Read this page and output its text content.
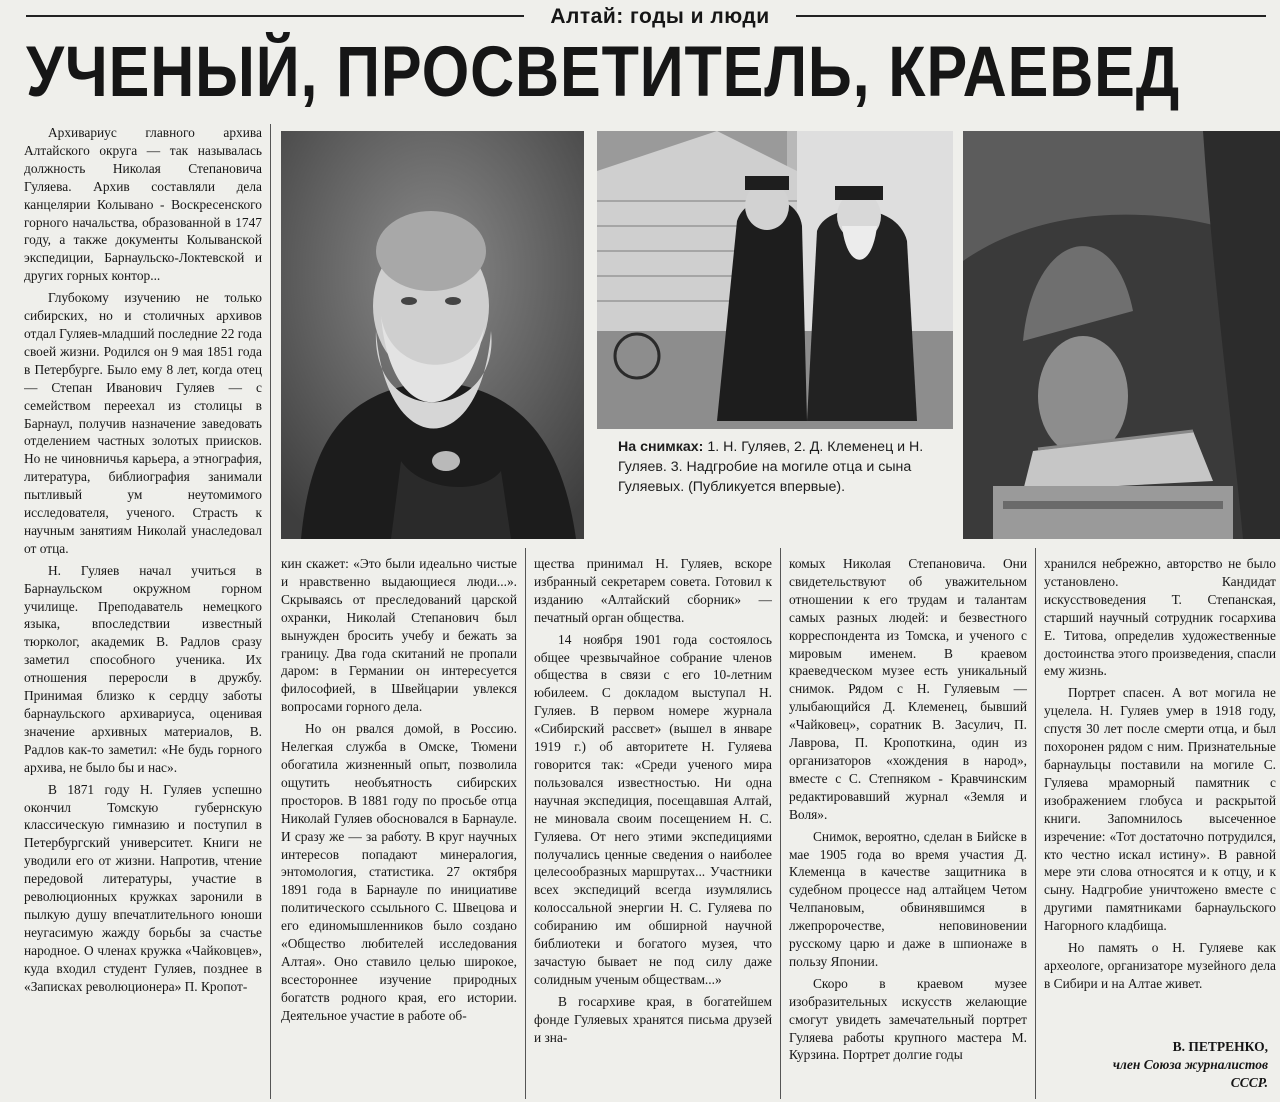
Алтай: годы и люди
УЧЕНЫЙ, ПРОСВЕТИТЕЛЬ, КРАЕВЕД

Архивариус главного архива Алтайского округа — так называлась должность Николая Степановича Гуляева. Архив составляли дела канцелярии Колывано - Воскресенского горного начальства, образованной в 1747 году, а также документы Колыванской экспедиции, Барнаульско-Локтевской и других горных контор...

Глубокому изучению не только сибирских, но и столичных архивов отдал Гуляев-младший последние 22 года своей жизни. Родился он 9 мая 1851 года в Петербурге. Было ему 8 лет, когда отец — Степан Иванович Гуляев — с семейством переехал из столицы в Барнаул, получив назначение заведовать отделением частных золотых приисков. Но не чиновничья карьера, а этнография, литература, библиография занимали пытливый ум неутомимого исследователя, ученого. Страсть к научным занятиям Николай унаследовал от отца.

Н. Гуляев начал учиться в Барнаульском окружном горном училище. Преподаватель немецкого языка, впоследствии известный тюрколог, академик В. Радлов сразу заметил способного ученика. Их отношения переросли в дружбу. Принимая близко к сердцу заботы барнаульского архивариуса, оценивая значение архивных материалов, В. Радлов как-то заметил: «Не будь горного архива, не было бы и нас».

В 1871 году Н. Гуляев успешно окончил Томскую губернскую классическую гимназию и поступил в Петербургский университет. Книги не уводили его от жизни. Напротив, чтение передовой литературы, участие в революционных кружках заронили в пылкую душу впечатлительного юноши неугасимую жажду борьбы за счастье народное. О членах кружка «Чайковцев», куда входил студент Гуляев, позднее в «Записках революционера» П. Кропот-

На снимках: 1. Н. Гуляев, 2. Д. Клеменец и Н. Гуляев. 3. Надгробие на могиле отца и сына Гуляевых. (Публикуется впервые).

кин скажет: «Это были идеально чистые и нравственно выдающиеся люди...». Скрываясь от преследований царской охранки, Николай Степанович был вынужден бросить учебу и бежать за границу. Два года скитаний не пропали даром: в Германии он интересуется философией, в Швейцарии увлекся вопросами горного дела.

Но он рвался домой, в Россию. Нелегкая служба в Омске, Тюмени обогатила жизненный опыт, позволила ощутить необъятность сибирских просторов. В 1881 году по просьбе отца Николай Гуляев обосновался в Барнауле. И сразу же — за работу. В круг научных интересов попадают минералогия, энтомология, статистика. 27 октября 1891 года в Барнауле по инициативе политического ссыльного С. Швецова и его единомышленников было создано «Общество любителей исследования Алтая». Оно ставило целью широкое, всестороннее изучение природных богатств родного края, его истории. Деятельное участие в работе об-

щества принимал Н. Гуляев, вскоре избранный секретарем совета. Готовил к изданию «Алтайский сборник» — печатный орган общества.

14 ноября 1901 года состоялось общее чрезвычайное собрание членов общества в связи с его 10-летним юбилеем. С докладом выступал Н. Гуляев. В первом номере журнала «Сибирский рассвет» (вышел в январе 1919 г.) об авторитете Н. Гуляева говорится так: «Среди ученого мира пользовался известностью. Ни одна научная экспедиция, посещавшая Алтай, не миновала своим посещением Н. С. Гуляева. От него этими экспедициями получались ценные сведения о наиболее целесообразных маршрутах... Участники всех экспедиций всегда изумлялись колоссальной энергии Н. С. Гуляева по собиранию им обширной научной библиотеки и богатого музея, что зачастую бывает не под силу даже солидным ученым обществам...»

В госархиве края, в богатейшем фонде Гуляевых хранятся письма друзей и зна-

комых Николая Степановича. Они свидетельствуют об уважительном отношении к его трудам и талантам самых разных людей: и безвестного корреспондента из Томска, и ученого с мировым именем. В краевом краеведческом музее есть уникальный снимок. Рядом с Н. Гуляевым — улыбающийся Д. Клеменец, бывший «Чайковец», соратник В. Засулич, П. Лаврова, П. Кропоткина, один из организаторов «хождения в народ», вместе с С. Степняком - Кравчинским редактировавший журнал «Земля и Воля».

Снимок, вероятно, сделан в Бийске в мае 1905 года во время участия Д. Клеменца в качестве защитника в судебном процессе над алтайцем Четом Челпановым, обвинявшимся в лжепророчестве, неповиновении русскому царю и даже в шпионаже в пользу Японии.

Скоро в краевом музее изобразительных искусств желающие смогут увидеть замечательный портрет Гуляева работы крупного мастера М. Курзина. Портрет долгие годы

хранился небрежно, авторство не было установлено. Кандидат искусствоведения Т. Степанская, старший научный сотрудник госархива Е. Титова, определив художественные достоинства этого произведения, спасли ему жизнь.

Портрет спасен. А вот могила не уцелела. Н. Гуляев умер в 1918 году, спустя 30 лет после смерти отца, и был похоронен рядом с ним. Признательные барнаульцы поставили на могиле С. Гуляева мраморный памятник с изображением глобуса и раскрытой книги. Запомнилось высеченное изречение: «Тот достаточно потрудился, кто честно искал истину». В равной мере эти слова относятся и к отцу, и к сыну. Надгробие уничтожено вместе с другими памятниками барнаульского Нагорного кладбища.

Но память о Н. Гуляеве как археологе, организаторе музейного дела в Сибири и на Алтае живет.

В. ПЕТРЕНКО,
член Союза журналистов
СССР.
